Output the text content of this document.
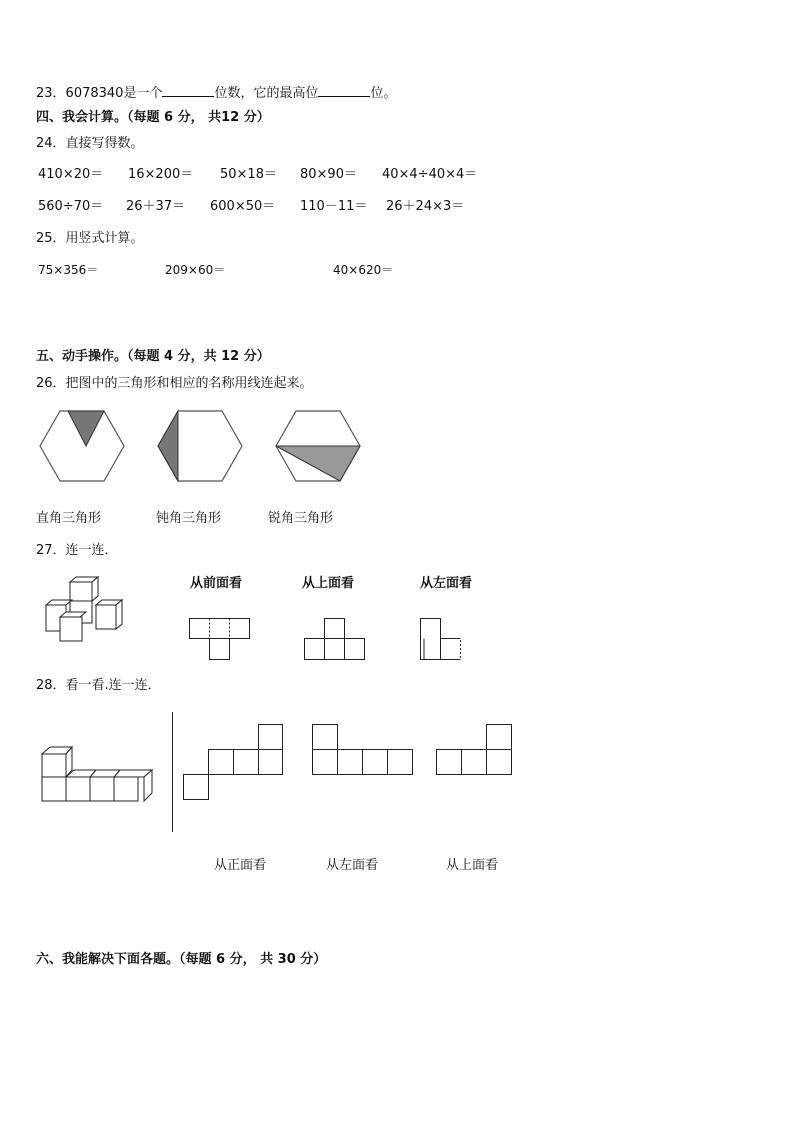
23．6078340是一个	位数，它的最高位	位。
四、我会计算。（每题 6 分， 共12 分）
24．直接写得数。
410×20＝ 16×200＝ 50×18＝ 80×90＝ 40×4÷40×4＝
560÷70＝ 26＋37＝ 600×50＝ 110－11＝ 26＋24×3＝
25．用竖式计算。
75×356＝	209×60＝	40×620＝
五、动手操作。（每题 4 分，共 12 分）
26．把图中的三角形和相应的名称用线连起来。
直角三角形	钝角三角形	锐角三角形
27．连一连．
从前面看	从上面看	从左面看
28．看一看.连一连．
从正面看	从左面看	从上面看
六、我能解决下面各题。（每题 6 分， 共 30 分）
